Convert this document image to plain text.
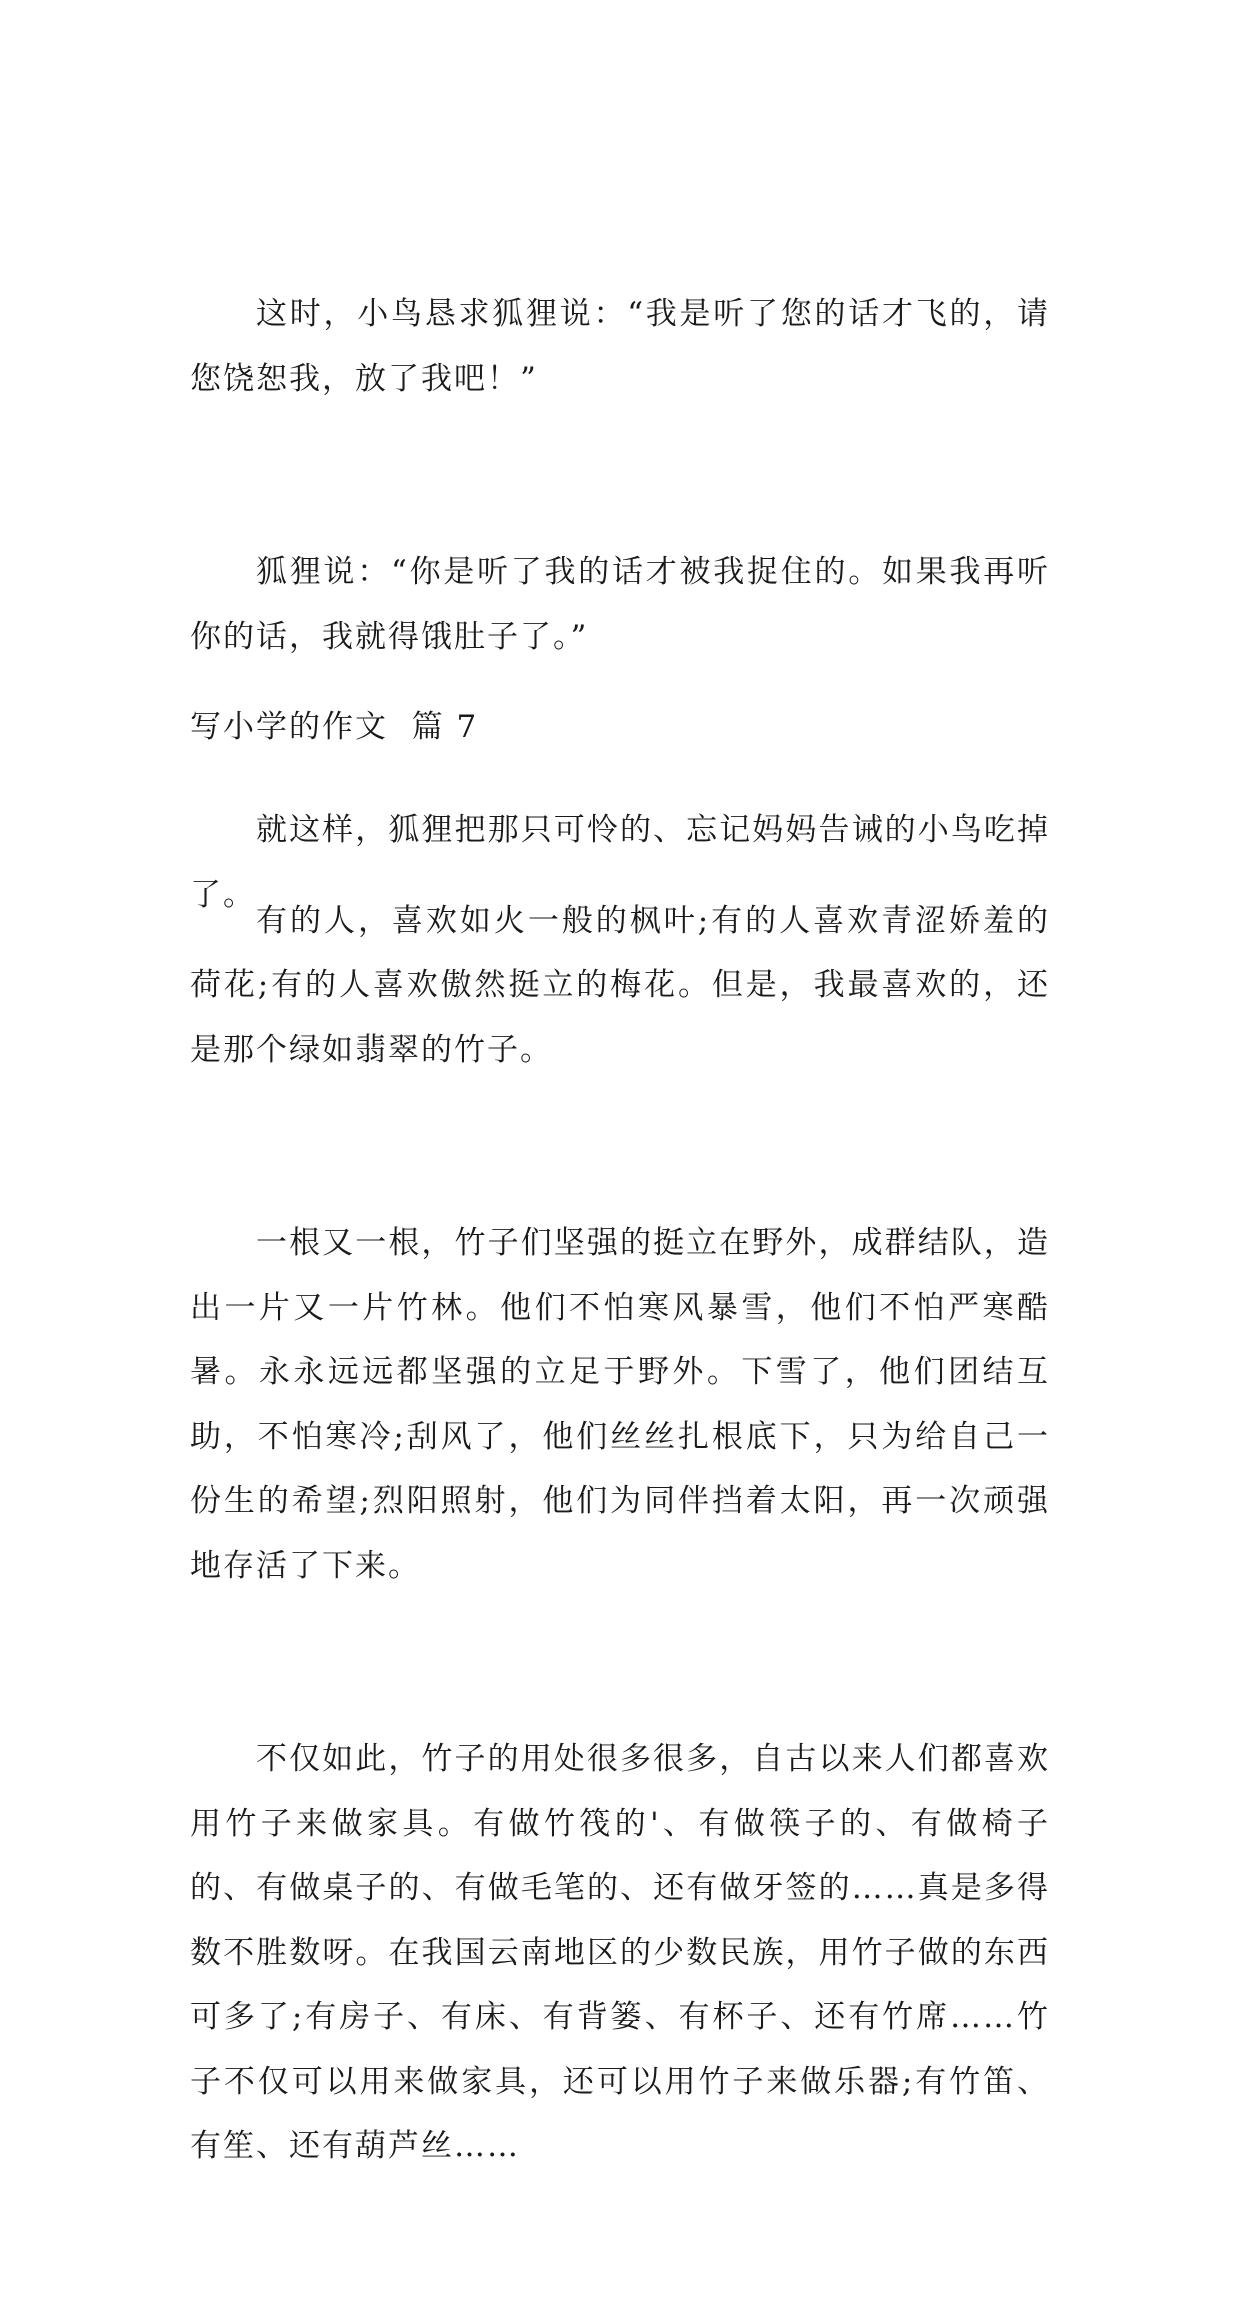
这时，小鸟恳求狐狸说：“我是听了您的话才飞的，请您饶恕我，放了我吧！”

狐狸说：“你是听了我的话才被我捉住的。如果我再听你的话，我就得饿肚子了。”

就这样，狐狸把那只可怜的、忘记妈妈告诫的小鸟吃掉了。

写小学的作文  篇 7

有的人，喜欢如火一般的枫叶;有的人喜欢青涩娇羞的荷花;有的人喜欢傲然挺立的梅花。但是，我最喜欢的，还是那个绿如翡翠的竹子。

一根又一根，竹子们坚强的挺立在野外，成群结队，造出一片又一片竹林。他们不怕寒风暴雪，他们不怕严寒酷暑。永永远远都坚强的立足于野外。下雪了，他们团结互助，不怕寒冷;刮风了，他们丝丝扎根底下，只为给自己一份生的希望;烈阳照射，他们为同伴挡着太阳，再一次顽强地存活了下来。

不仅如此，竹子的用处很多很多，自古以来人们都喜欢用竹子来做家具。有做竹筏的'、有做筷子的、有做椅子的、有做桌子的、有做毛笔的、还有做牙签的……真是多得数不胜数呀。在我国云南地区的少数民族，用竹子做的东西可多了;有房子、有床、有背篓、有杯子、还有竹席……竹子不仅可以用来做家具，还可以用竹子来做乐器;有竹笛、有笙、还有葫芦丝……
